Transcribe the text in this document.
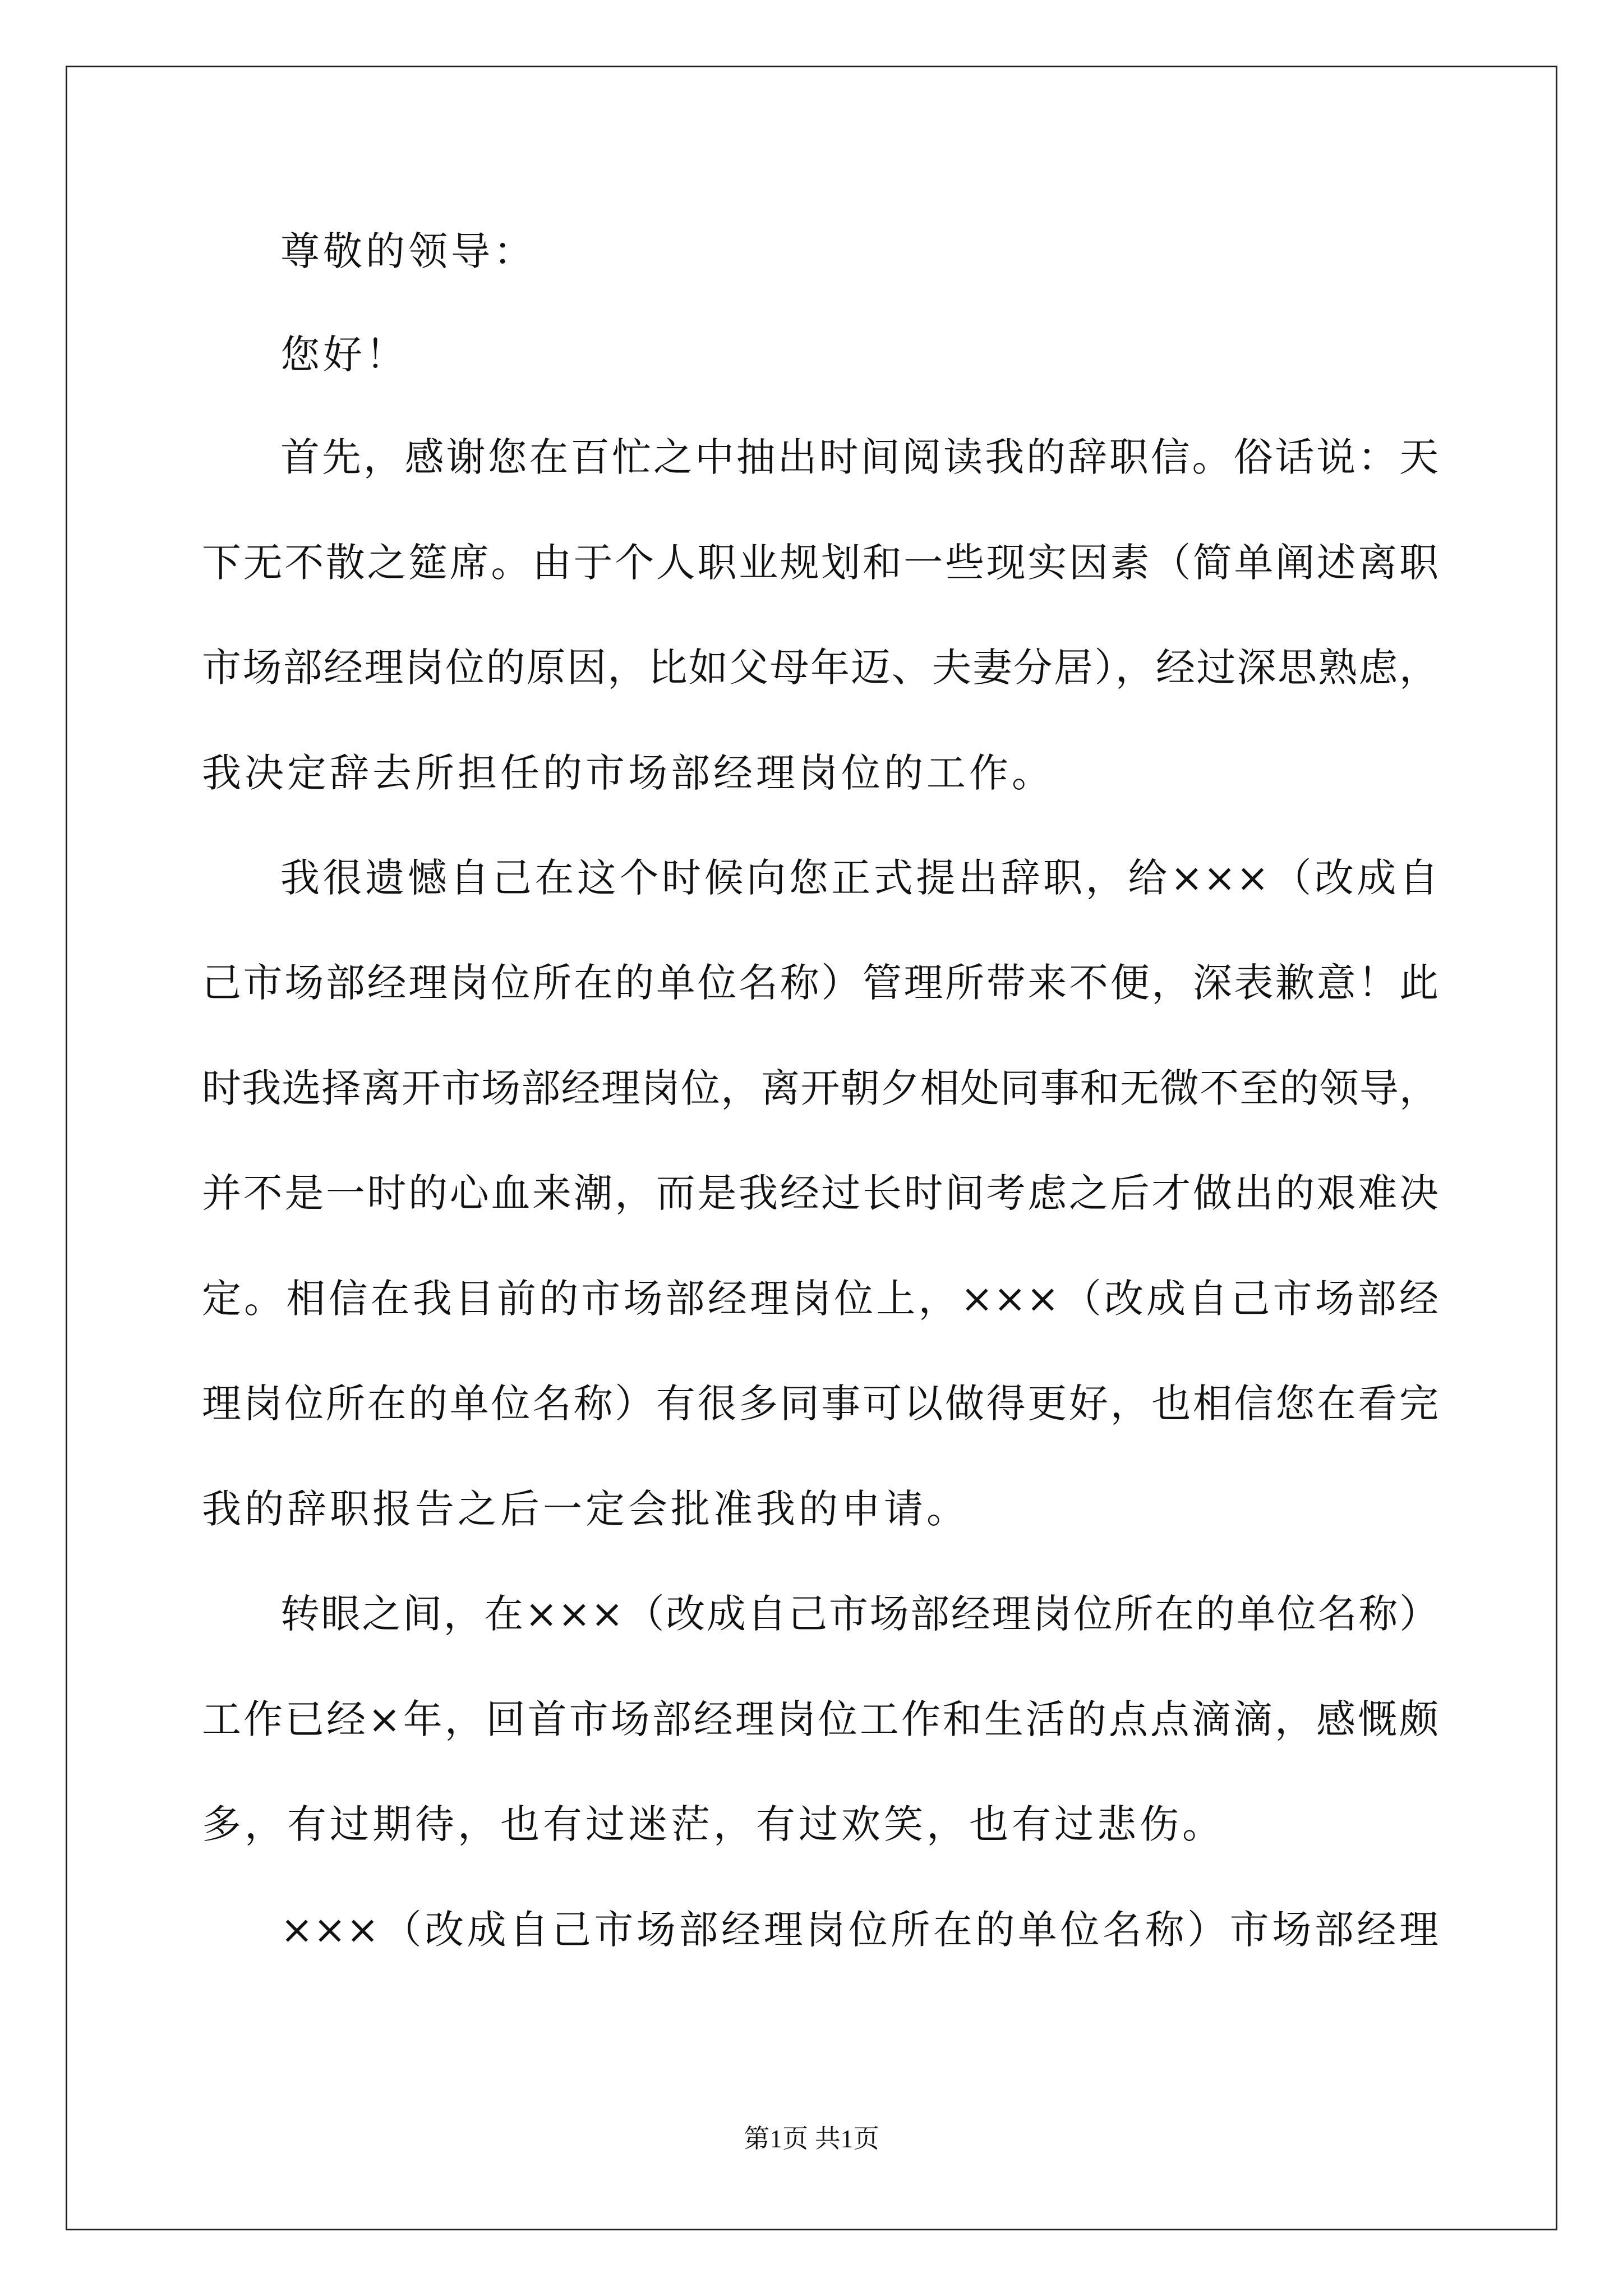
尊敬的领导：
您好！
首先，感谢您在百忙之中抽出时间阅读我的辞职信。俗话说：天
下无不散之筵席。由于个人职业规划和一些现实因素（简单阐述离职
市场部经理岗位的原因，比如父母年迈、夫妻分居），经过深思熟虑，
我决定辞去所担任的市场部经理岗位的工作。
我很遗憾自己在这个时候向您正式提出辞职，给×××（改成自
己市场部经理岗位所在的单位名称）管理所带来不便，深表歉意！此
时我选择离开市场部经理岗位，离开朝夕相处同事和无微不至的领导，
并不是一时的心血来潮，而是我经过长时间考虑之后才做出的艰难决
定。相信在我目前的市场部经理岗位上，×××（改成自己市场部经
理岗位所在的单位名称）有很多同事可以做得更好，也相信您在看完
我的辞职报告之后一定会批准我的申请。
转眼之间，在×××（改成自己市场部经理岗位所在的单位名称）
工作已经×年，回首市场部经理岗位工作和生活的点点滴滴，感慨颇
多，有过期待，也有过迷茫，有过欢笑，也有过悲伤。
×××（改成自己市场部经理岗位所在的单位名称）市场部经理
第1页 共1页
